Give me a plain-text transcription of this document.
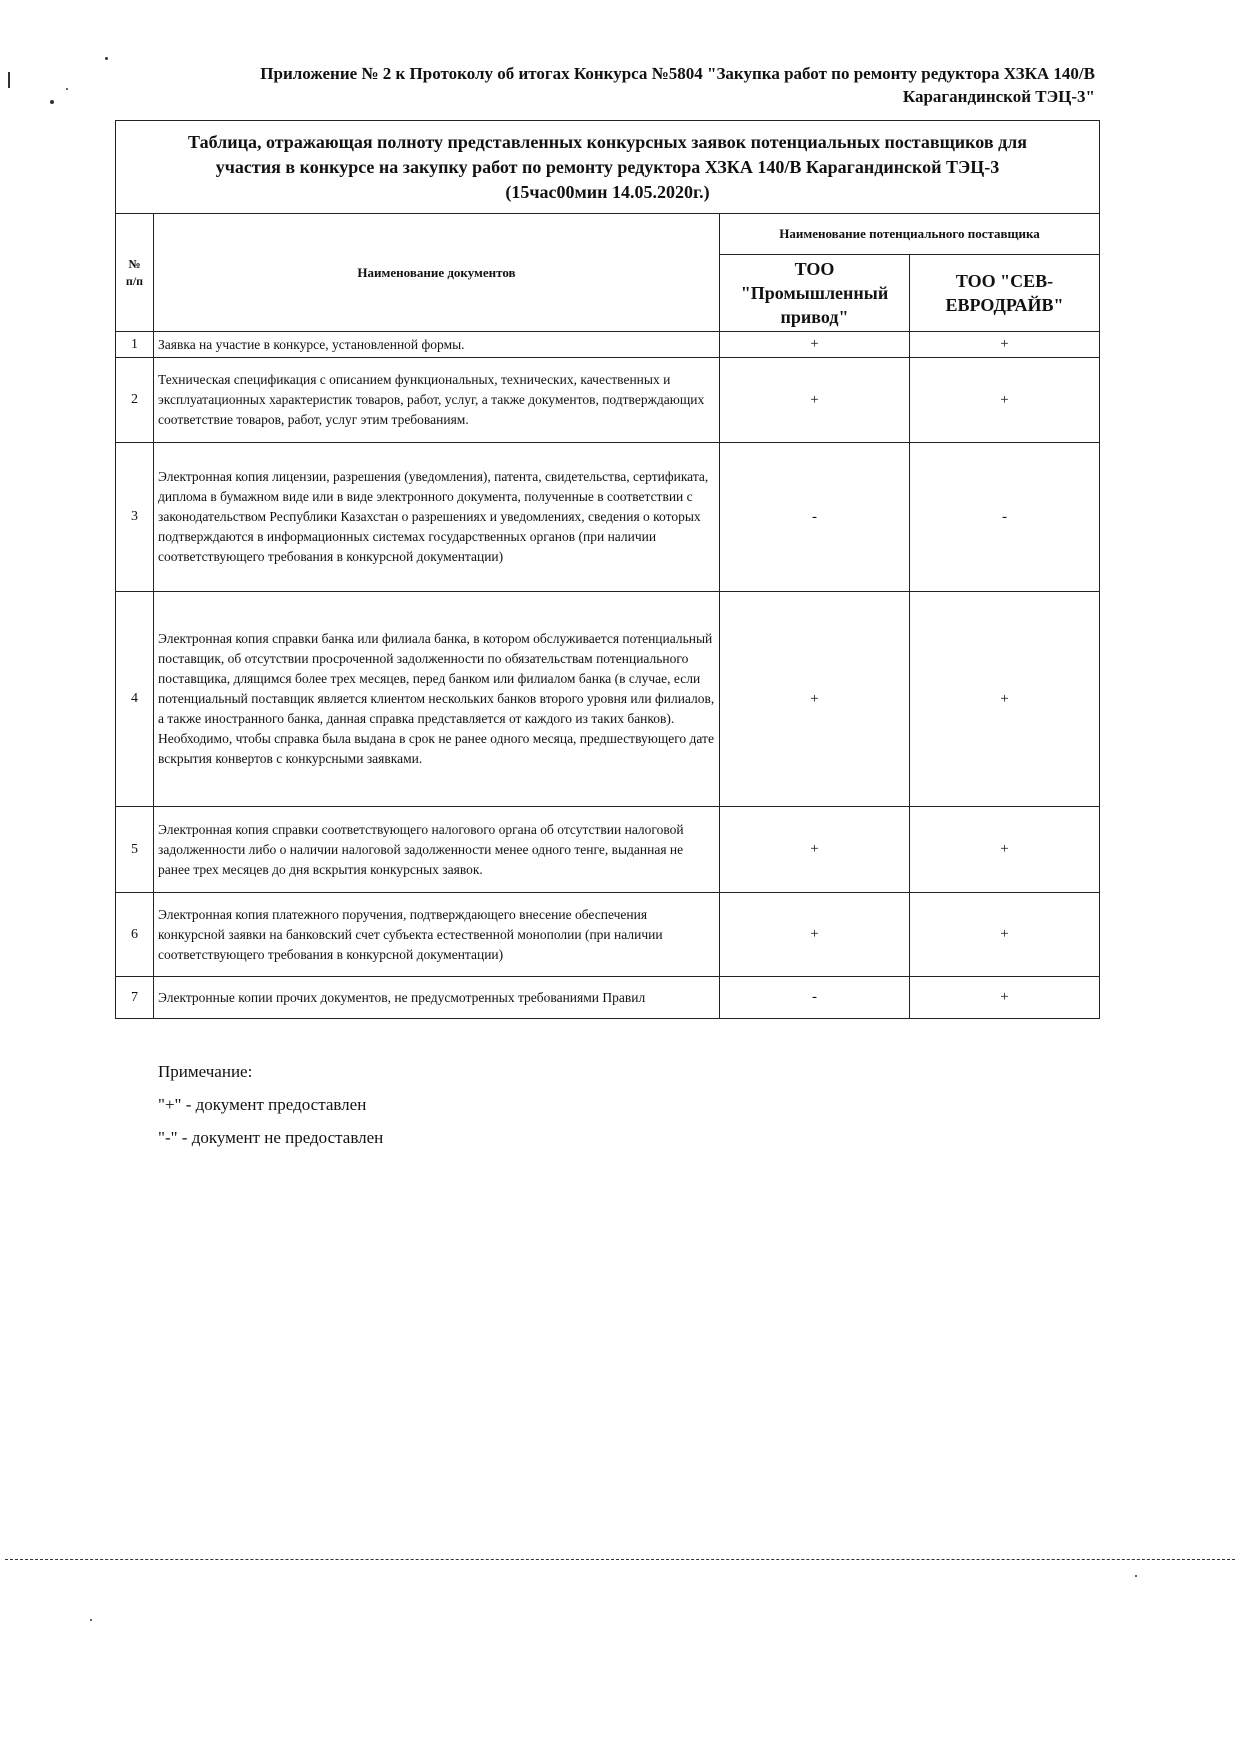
Приложение № 2 к Протоколу об итогах Конкурса №5804 "Закупка работ по ремонту редуктора ХЗКА 140/В
Карагандинской ТЭЦ-3"
Таблица, отражающая полноту представленных конкурсных заявок потенциальных поставщиков для
участия в конкурсе на закупку работ по ремонту редуктора ХЗКА 140/В Карагандинской ТЭЦ-3
(15час00мин 14.05.2020г.)			

№
п/п	Наименование документов	Наименование потенциального поставщика	
		ТОО "Промышленный привод"	ТОО "СЕВ-ЕВРОДРАЙВ"
1	Заявка на участие в конкурсе, установленной формы.	+	+
2	Техническая спецификация с описанием функциональных, технических, качественных и эксплуатационных характеристик товаров, работ, услуг, а также документов, подтверждающих соответствие товаров, работ, услуг этим требованиям.	+	+
3	Электронная копия лицензии, разрешения (уведомления), патента, свидетельства, сертификата, диплома в бумажном виде или в виде электронного документа, полученные в соответствии с законодательством Республики Казахстан о разрешениях и уведомлениях, сведения о которых подтверждаются в информационных системах государственных органов (при наличии соответствующего требования в конкурсной документации)	-	-
4	Электронная копия справки банка или филиала банка, в котором обслуживается потенциальный поставщик, об отсутствии просроченной задолженности по обязательствам потенциального поставщика, длящимся более трех месяцев, перед банком или филиалом банка (в случае, если потенциальный поставщик является клиентом нескольких банков второго уровня или филиалов, а также иностранного банка, данная справка представляется от каждого из таких банков). Необходимо, чтобы справка была выдана в срок не ранее одного месяца, предшествующего дате вскрытия конвертов с конкурсными заявками.	+	+
5	Электронная копия справки соответствующего налогового органа об отсутствии налоговой задолженности либо о наличии налоговой задолженности менее одного тенге, выданная не ранее трех месяцев до дня вскрытия конкурсных заявок.	+	+
6	Электронная копия платежного поручения, подтверждающего внесение обеспечения конкурсной заявки на банковский счет субъекта естественной монополии (при наличии соответствующего требования в конкурсной документации)	+	+
7	Электронные копии прочих документов, не предусмотренных требованиями Правил	-	+
Примечание:
"+" - документ предоставлен
"-" - документ не предоставлен
